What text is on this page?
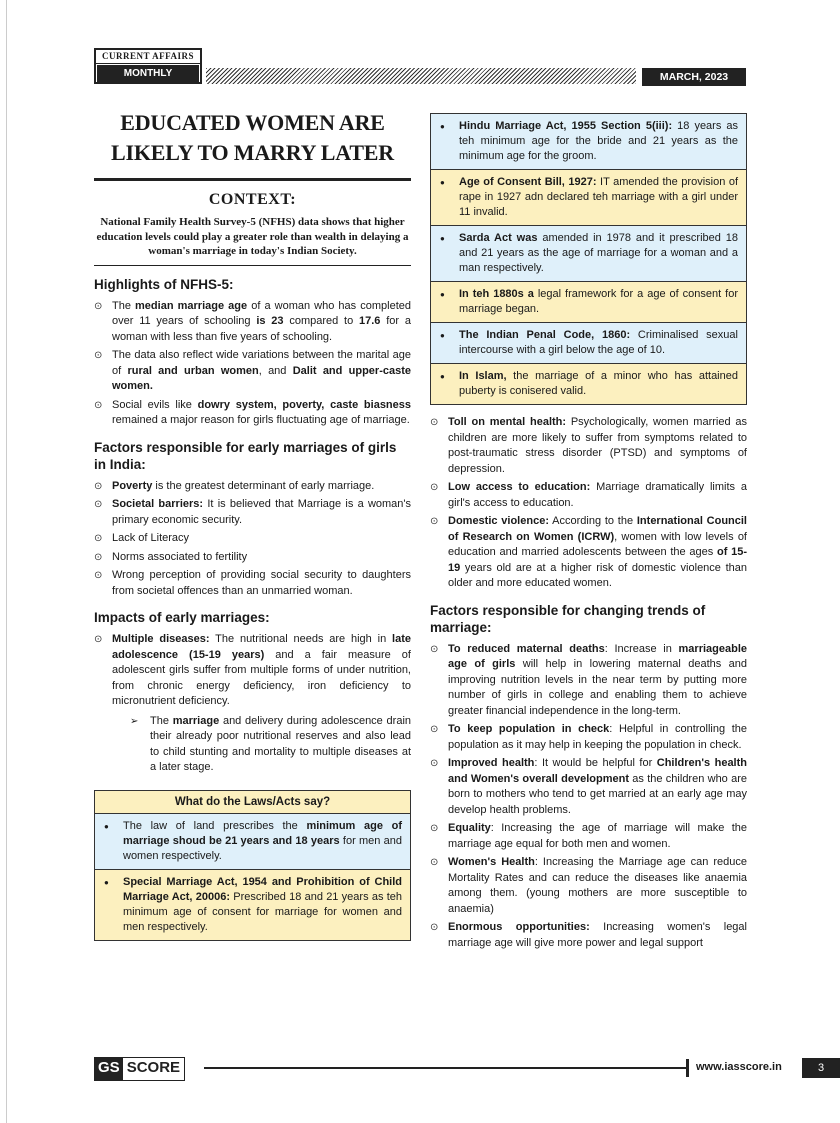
CURRENT AFFAIRS
MONTHLY	MARCH, 2023
EDUCATED WOMEN ARE
LIKELY TO MARRY LATER
CONTEXT:

National Family Health Survey-5 (NFHS) data shows that higher education levels could play a greater role than wealth in delaying a woman's marriage in today's Indian Society.

Highlights of NFHS-5:
⊙ The median marriage age of a woman who has completed over 11 years of schooling is 23 compared to 17.6 for a woman with less than five years of schooling.
⊙ The data also reflect wide variations between the marital age of rural and urban women, and Dalit and upper-caste women.
⊙ Social evils like dowry system, poverty, caste biasness remained a major reason for girls fluctuating age of marriage.
Factors responsible for early marriages of girls in India:
⊙ Poverty is the greatest determinant of early marriage.
⊙ Societal barriers: It is believed that Marriage is a woman's primary economic security.
⊙ Lack of Literacy
⊙ Norms associated to fertility
⊙ Wrong perception of providing social security to daughters from societal offences than an unmarried woman.
Impacts of early marriages:
⊙ Multiple diseases: The nutritional needs are high in late adolescence (15-19 years) and a fair measure of adolescent girls suffer from multiple forms of under nutrition, from chronic energy deficiency, iron deficiency to micronutrient deficiency.
➢ The marriage and delivery during adolescence drain their already poor nutritional reserves and also lead to child stunting and mortality to multiple diseases at a later stage.
What do the Laws/Acts say?
● The law of land prescribes the minimum age of marriage shoud be 21 years and 18 years for men and women respectively.
● Special Marriage Act, 1954 and Prohibition of Child Marriage Act, 20006: Prescribed 18 and 21 years as teh minimum age of consent for marriage for women and men respectively.
● Hindu Marriage Act, 1955 Section 5(iii): 18 years as teh minimum age for the bride and 21 years as the minimum age for the groom.
● Age of Consent Bill, 1927: IT amended the provision of rape in 1927 adn declared teh marriage with a girl under 11 invalid.
● Sarda Act was amended in 1978 and it prescribed 18 and 21 years as the age of marriage for a woman and a man respectively.
● In teh 1880s a legal framework for a age of consent for marriage began.
● The Indian Penal Code, 1860: Criminalised sexual intercourse with a girl below the age of 10.
● In Islam, the marriage of a minor who has attained puberty is conisered valid.
⊙ Toll on mental health: Psychologically, women married as children are more likely to suffer from symptoms related to post-traumatic stress disorder (PTSD) and symptoms of depression.
⊙ Low access to education: Marriage dramatically limits a girl's access to education.
⊙ Domestic violence: According to the International Council of Research on Women (ICRW), women with low levels of education and married adolescents between the ages of 15-19 years old are at a higher risk of domestic violence than older and more educated women.
Factors responsible for changing trends of marriage:
⊙ To reduced maternal deaths: Increase in marriageable age of girls will help in lowering maternal deaths and improving nutrition levels in the near term by putting more number of girls in college and enabling them to achieve greater financial independence in the long-term.
⊙ To keep population in check: Helpful in controlling the population as it may help in keeping the population in check.
⊙ Improved health: It would be helpful for Children's health and Women's overall development as the children who are born to mothers who tend to get married at an early age may develop health problems.
⊙ Equality: Increasing the age of marriage will make the marriage age equal for both men and women.
⊙ Women's Health: Increasing the Marriage age can reduce Mortality Rates and can reduce the diseases like anaemia among them. (young mothers are more susceptible to anaemia)
⊙ Enormous opportunities: Increasing women's legal marriage age will give more power and legal support
GS SCORE	www.iasscore.in	3
